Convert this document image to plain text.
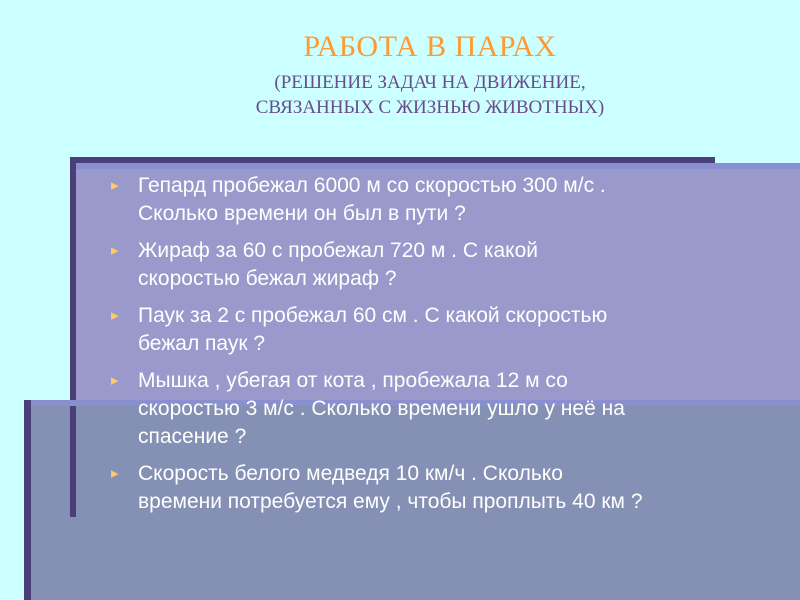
РАБОТА В ПАРАХ
(РЕШЕНИЕ ЗАДАЧ НА ДВИЖЕНИЕ,
СВЯЗАННЫХ С ЖИЗНЬЮ ЖИВОТНЫХ)
▸ Гепард пробежал 6000 м со скоростью 300 м/с .
Сколько времени он был в пути ?
▸ Жираф за 60 с пробежал 720 м . С какой
скоростью бежал жираф ?
▸ Паук за 2 с пробежал 60 см . С какой скоростью
бежал паук ?
▸ Мышка , убегая от кота , пробежала 12 м со
скоростью 3 м/с . Сколько времени ушло у неё на
спасение ?
▸ Скорость белого медведя 10 км/ч . Сколько
времени потребуется ему , чтобы проплыть 40 км ?
